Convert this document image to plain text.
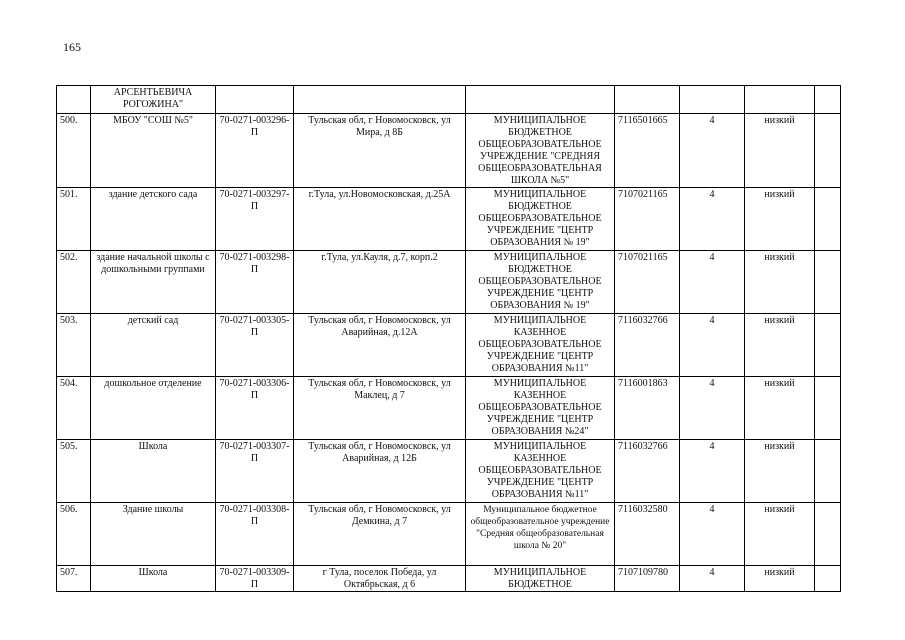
165
	АРСЕНТЬЕВИЧА РОГОЖИНА"							
500.	МБОУ "СОШ №5"	70-0271-003296-П	Тульская обл, г Новомосковск, ул Мира, д 8Б	МУНИЦИПАЛЬНОЕ БЮДЖЕТНОЕ ОБЩЕОБРАЗОВАТЕЛЬНОЕ УЧРЕЖДЕНИЕ "СРЕДНЯЯ ОБЩЕОБРАЗОВАТЕЛЬНАЯ ШКОЛА №5"	7116501665	4	низкий	
501.	здание детского сада	70-0271-003297-П	г.Тула, ул.Новомосковская, д.25А	МУНИЦИПАЛЬНОЕ БЮДЖЕТНОЕ ОБЩЕОБРАЗОВАТЕЛЬНОЕ УЧРЕЖДЕНИЕ "ЦЕНТР ОБРАЗОВАНИЯ № 19"	7107021165	4	низкий	
502.	здание начальной школы с дошкольными группами	70-0271-003298-П	г.Тула, ул.Кауля, д.7, корп.2	МУНИЦИПАЛЬНОЕ БЮДЖЕТНОЕ ОБЩЕОБРАЗОВАТЕЛЬНОЕ УЧРЕЖДЕНИЕ "ЦЕНТР ОБРАЗОВАНИЯ № 19"	7107021165	4	низкий	
503.	детский сад	70-0271-003305-П	Тульская обл, г Новомосковск, ул Аварийная, д.12А	МУНИЦИПАЛЬНОЕ КАЗЕННОЕ ОБЩЕОБРАЗОВАТЕЛЬНОЕ УЧРЕЖДЕНИЕ "ЦЕНТР ОБРАЗОВАНИЯ №11"	7116032766	4	низкий	
504.	дошкольное отделение	70-0271-003306-П	Тульская обл, г Новомосковск, ул Маклец, д 7	МУНИЦИПАЛЬНОЕ КАЗЕННОЕ ОБЩЕОБРАЗОВАТЕЛЬНОЕ УЧРЕЖДЕНИЕ "ЦЕНТР ОБРАЗОВАНИЯ №24"	7116001863	4	низкий	
505.	Школа	70-0271-003307-П	Тульская обл, г Новомосковск, ул Аварийная, д 12Б	МУНИЦИПАЛЬНОЕ КАЗЕННОЕ ОБЩЕОБРАЗОВАТЕЛЬНОЕ УЧРЕЖДЕНИЕ "ЦЕНТР ОБРАЗОВАНИЯ №11"	7116032766	4	низкий	
506.	Здание школы	70-0271-003308-П	Тульская обл, г Новомосковск, ул Демкина, д 7	Муниципальное бюджетное общеобразовательное учреждение "Средняя общеобразовательная школа № 20"	7116032580	4	низкий	
507.	Школа	70-0271-003309-П	г Тула, поселок Победа, ул Октябрьская, д 6	МУНИЦИПАЛЬНОЕ БЮДЖЕТНОЕ	7107109780	4	низкий	
